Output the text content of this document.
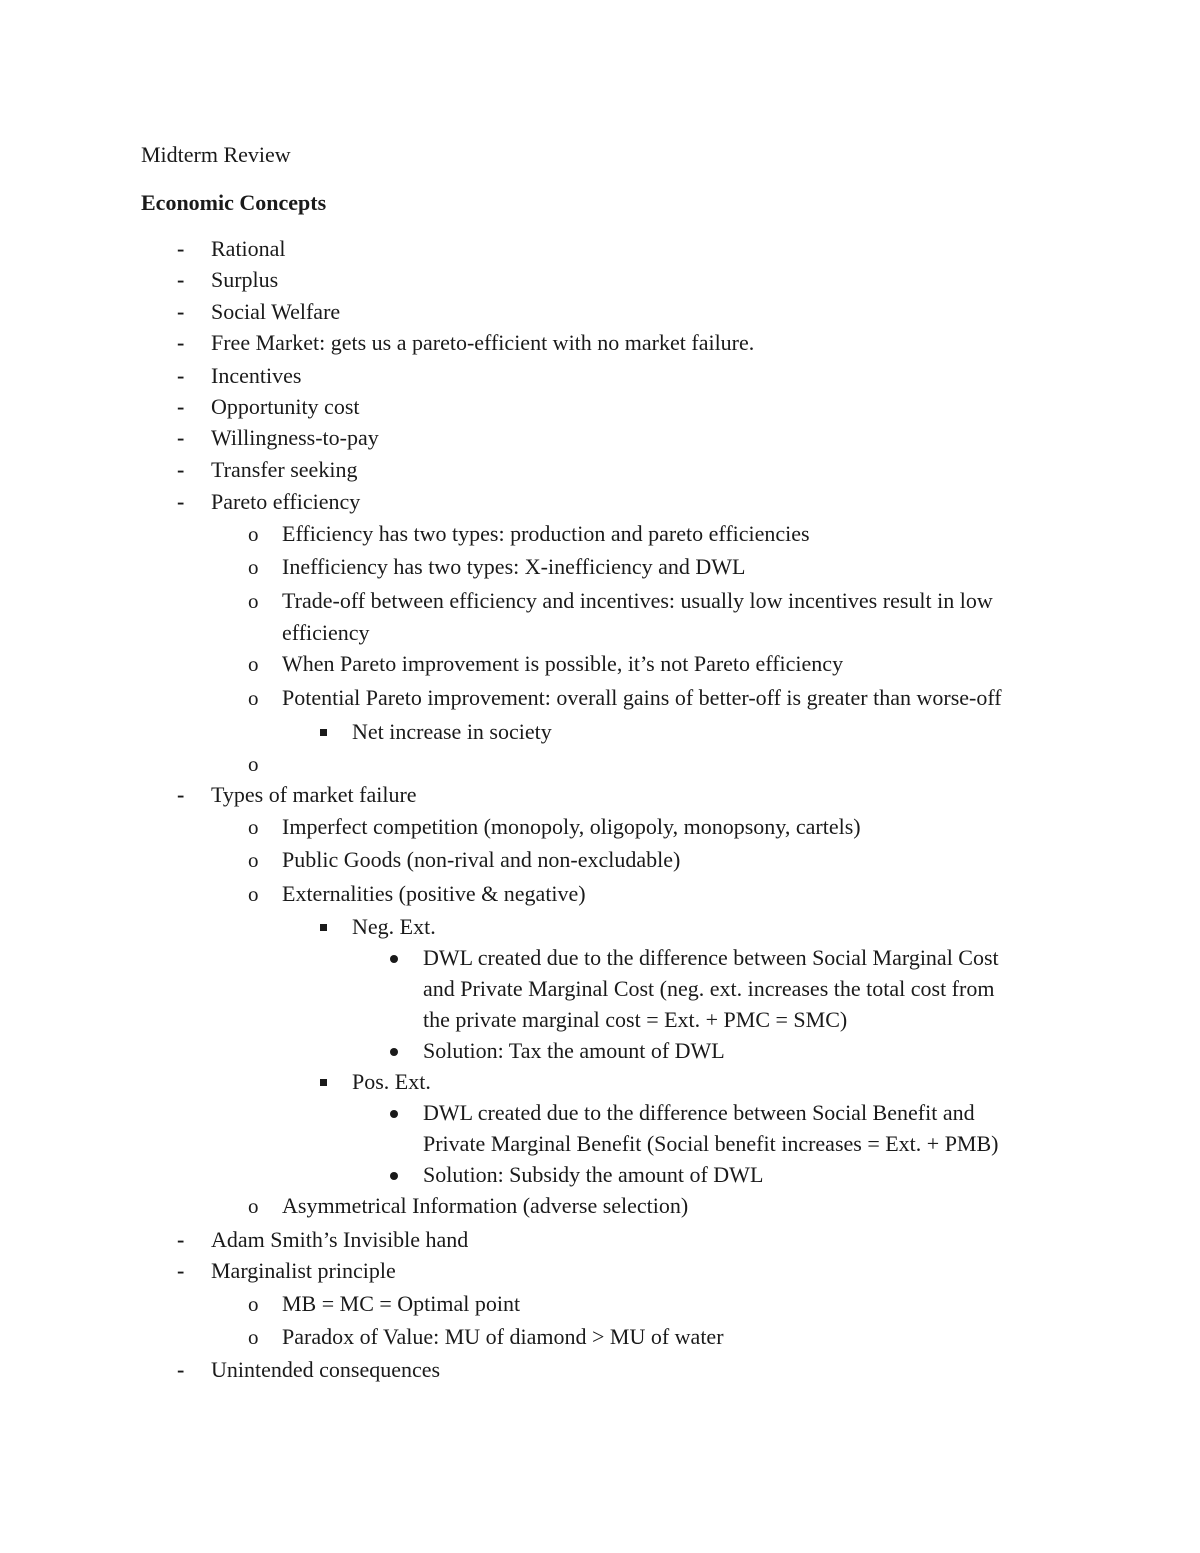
Midterm Review
Economic Concepts
- Rational
- Surplus
- Social Welfare
- Free Market: gets us a pareto-efficient with no market failure.
- Incentives
- Opportunity cost
- Willingness-to-pay
- Transfer seeking
- Pareto efficiency
o Efficiency has two types: production and pareto efficiencies
o Inefficiency has two types: X-inefficiency and DWL
o Trade-off between efficiency and incentives: usually low incentives result in low
efficiency
o When Pareto improvement is possible, it’s not Pareto efficiency
o Potential Pareto improvement: overall gains of better-off is greater than worse-off
Net increase in society
o
- Types of market failure
o Imperfect competition (monopoly, oligopoly, monopsony, cartels)
o Public Goods (non-rival and non-excludable)
o Externalities (positive & negative)
Neg. Ext.
DWL created due to the difference between Social Marginal Cost
and Private Marginal Cost (neg. ext. increases the total cost from
the private marginal cost = Ext. + PMC = SMC)
Solution: Tax the amount of DWL
Pos. Ext.
DWL created due to the difference between Social Benefit and
Private Marginal Benefit (Social benefit increases = Ext. + PMB)
Solution: Subsidy the amount of DWL
o Asymmetrical Information (adverse selection)
- Adam Smith’s Invisible hand
- Marginalist principle
o MB = MC = Optimal point
o Paradox of Value: MU of diamond > MU of water
- Unintended consequences
